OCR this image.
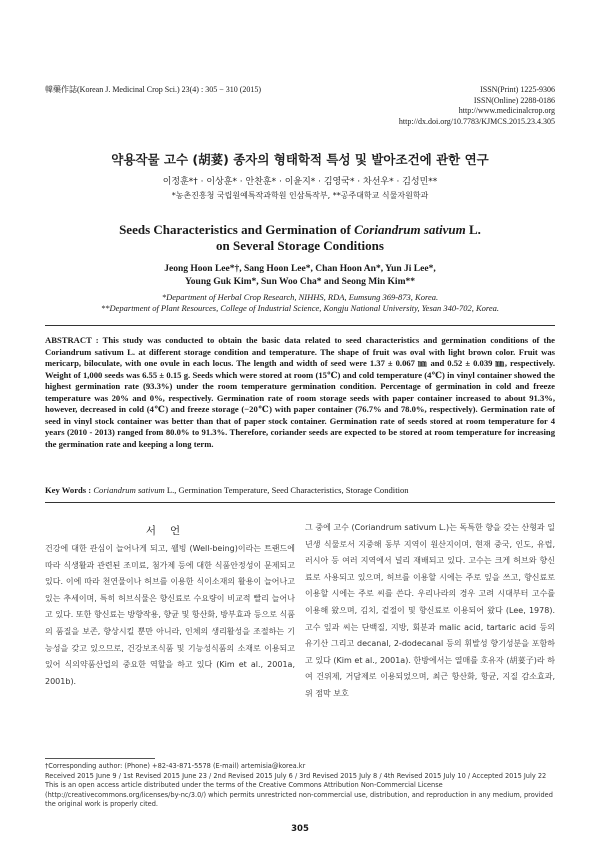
韓藥作誌(Korean J. Medicinal Crop Sci.) 23(4) : 305 − 310 (2015)	ISSN(Print) 1225-9306
ISSN(Online) 2288-0186
http://www.medicinalcrop.org
http://dx.doi.org/10.7783/KJMCS.2015.23.4.305
약용작물 고수 (胡荽) 종자의 형태학적 특성 및 발아조건에 관한 연구
이정훈*† · 이상훈* · 안찬훈* · 이윤지* · 김영국* · 차선우* · 김성민**
*농촌진흥청 국립원예특작과학원 인삼특작부, **공주대학교 식물자원학과
Seeds Characteristics and Germination of Coriandrum sativum L.
on Several Storage Conditions
Jeong Hoon Lee*†, Sang Hoon Lee*, Chan Hoon An*, Yun Ji Lee*,
Young Guk Kim*, Sun Woo Cha* and Seong Min Kim**
*Department of Herbal Crop Research, NIHHS, RDA, Eumsung 369-873, Korea.
**Department of Plant Resources, College of Industrial Science, Kongju National University, Yesan 340-702, Korea.
ABSTRACT : This study was conducted to obtain the basic data related to seed characteristics and germination conditions of the Coriandrum sativum L. at different storage condition and temperature. The shape of fruit was oval with light brown color. Fruit was mericarp, biloculate, with one ovule in each locus. The length and width of seed were 1.37 ± 0.067 ㎜ and 0.52 ± 0.039 ㎜, respectively. Weight of 1,000 seeds was 6.55 ± 0.15 g. Seeds which were stored at room (15℃) and cold temperature (4℃) in vinyl container showed the highest germination rate (93.3%) under the room temperature germination condition. Percentage of germination in cold and freeze temperature was 20% and 0%, respectively. Germination rate of room storage seeds with paper container increased to about 91.3%, however, decreased in cold (4℃) and freeze storage (−20℃) with paper container (76.7% and 78.0%, respectively). Germination rate of seed in vinyl stock container was better than that of paper stock container. Germination rate of seeds stored at room temperature for 4 years (2010 - 2013) ranged from 80.0% to 91.3%. Therefore, coriander seeds are expected to be stored at room temperature for increasing the germination rate and keeping a long term.
Key Words : Coriandrum sativum L., Germination Temperature, Seed Characteristics, Storage Condition
서언
건강에 대한 관심이 늘어나게 되고, 웰빙 (Well-being)이라는 트랜드에 따라 식생활과 관련된 조미료, 첨가제 등에 대한 식품안정성이 문제되고 있다. 이에 따라 천연물이나 허브를 이용한 식이소재의 활용이 늘어나고 있는 추세이며, 특히 허브식물은 향신료로 수요량이 비교적 빨리 늘어나고 있다. 또한 향신료는 방향작용, 향균 및 항산화, 방부효과 등으로 식품의 품질을 보존, 향상시킬 뿐만 아니라, 인체의 생리활성을 조절하는 기능성을 갖고 있으므로, 건강보조식품 및 기능성식품의 소재로 이용되고 있어 식의약품산업의 중요한 역할을 하고 있다 (Kim et al., 2001a, 2001b).
그 중에 고수 (Coriandrum sativum L.)는 독특한 향을 갖는 산형과 일년생 식물로서 지중해 동부 지역이 원산지이며, 현재 중국, 인도, 유럽, 러시아 등 여러 지역에서 널리 재배되고 있다. 고수는 크게 허브와 향신료로 사용되고 있으며, 허브를 이용할 시에는 주로 잎을 쓰고, 향신료로 이용할 시에는 주로 씨를 쓴다. 우리나라의 경우 고려 시대부터 고수를 이용해 왔으며, 김치, 겉절이 및 향신료로 이용되어 왔다 (Lee, 1978). 고수 잎과 씨는 단백질, 지방, 회분과 malic acid, tartaric acid 등의 유기산 그리고 decanal, 2-dodecanal 등의 휘발성 향기성분을 포함하고 있다 (Kim et al., 2001a). 한방에서는 열매를 호유자 (胡荽子)라 하여 건위제, 거담제로 이용되었으며, 최근 항산화, 항균, 지질 감소효과, 위 점막 보호
†Corresponding author: (Phone) +82-43-871-5578 (E-mail) artemisia@korea.kr
Received 2015 June 9 / 1st Revised 2015 June 23 / 2nd Revised 2015 July 6 / 3rd Revised 2015 July 8 / 4th Revised 2015 July 10 / Accepted 2015 July 22
This is an open access article distributed under the terms of the Creative Commons Attribution Non-Commercial License (http://creativecommons.org/licenses/by-nc/3.0/) which permits unrestricted non-commercial use, distribution, and reproduction in any medium, provided the original work is properly cited.
305
